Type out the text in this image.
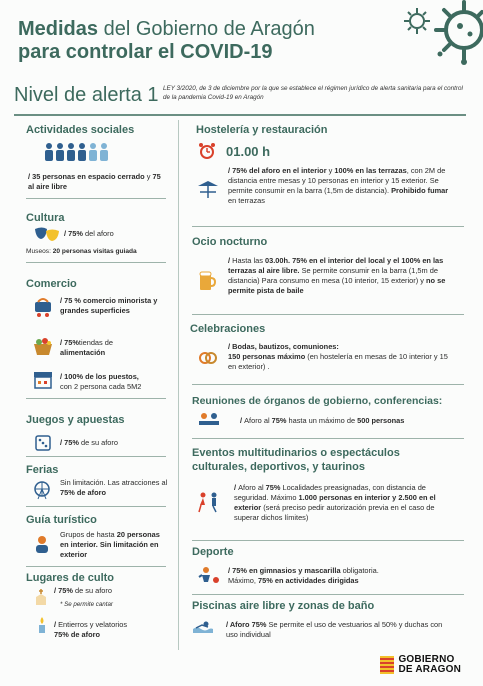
Medidas del Gobierno de Aragón
para controlar el COVID-19
Nivel de alerta 1 LEY 3/2020, de 3 de diciembre por la que se establece el régimen jurídico de alerta sanitaria para el control de la pandemia Covid-19 en Aragón
Actividades sociales
/ 35 personas en espacio cerrado y 75 al aire libre
Cultura
/ 75% del aforo
Museos: 20 personas visitas guiada
Comercio
/ 75 % comercio minorista y grandes superficies
/ 75%tiendas de
alimentación
/ 100% de los puestos,
con 2 persona cada 5M2
Juegos y apuestas
/ 75% de su aforo
Ferias
Sin limitación. Las atracciones al 75% de aforo
Guía turístico
Grupos de hasta 20 personas en interior. Sin limitación en exterior
Lugares de culto
/ 75% de su aforo
* Se permite cantar
/ Entierros y velatorios
75% de aforo
Hostelería y restauración
01.00 h
/ 75% del aforo en el interior y 100% en las terrazas, con 2M de distancia entre mesas y 10 personas en interior y 15 exterior. Se permite consumir en la barra (1,5m de distancia). Prohibido fumar en terrazas
Ocio nocturno
/ Hasta las 03.00h. 75% en el interior del local y el 100% en las terrazas al aire libre. Se permite consumir en la barra (1,5m de distancia) Para consumo en mesa (10 interior, 15 exterior) y no se permite pista de baile
Celebraciones
/ Bodas, bautizos, comuniones:
150 personas máximo (en hostelería en mesas de 10 interior y 15 en exterior) .
Reuniones de órganos de gobierno, conferencias:
/ Aforo al 75% hasta un máximo de 500 personas
Eventos multitudinarios o espectáculos culturales, deportivos, y taurinos
/ Aforo al 75% Localidades preasignadas, con distancia de seguridad. Máximo 1.000 personas en interior y 2.500 en el exterior (será preciso pedir autorización previa en el caso de superar dichos límites)
Deporte
/ 75% en gimnasios y mascarilla obligatoria.
Máximo, 75% en actividades dirigidas
Piscinas aire libre y zonas de baño
/ Aforo 75% Se permite el uso de vestuarios al 50% y duchas con uso individual
GOBIERNO
DE ARAGON
